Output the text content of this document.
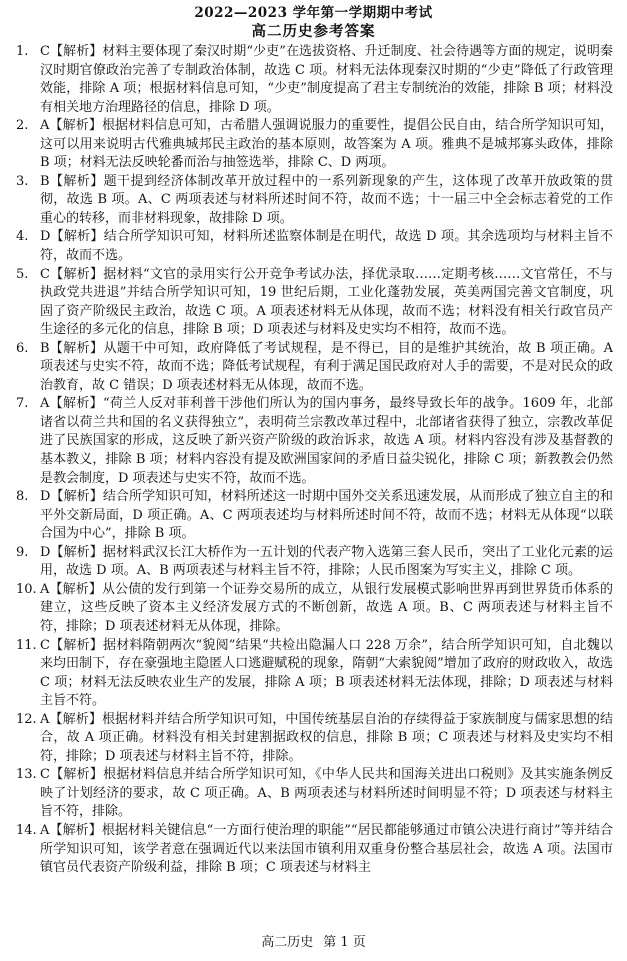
2022—2023 学年第一学期期中考试
高二历史参考答案
1. C【解析】材料主要体现了秦汉时期“少吏”在选拔资格、升迁制度、社会待遇等方面的规定，说明秦汉时期官僚政治完善了专制政治体制，故选 C 项。材料无法体现秦汉时期的“少吏”降低了行政管理效能，排除 A 项；根据材料信息可知，“少吏”制度提高了君主专制统治的效能，排除 B 项；材料没有相关地方治理路径的信息，排除 D 项。
2. A【解析】根据材料信息可知，古希腊人强调说服力的重要性，提倡公民自由，结合所学知识可知，这可以用来说明古代雅典城邦民主政治的基本原则，故答案为 A 项。雅典不是城邦寡头政体，排除 B 项；材料无法反映轮番而治与抽签选举，排除 C、D 两项。
3. B【解析】题干提到经济体制改革开放过程中的一系列新现象的产生，这体现了改革开放政策的贯彻，故选 B 项。A、C 两项表述与材料所述时间不符，故而不选；十一届三中全会标志着党的工作重心的转移，而非材料现象，故排除 D 项。
4. D【解析】结合所学知识可知，材料所述监察体制是在明代，故选 D 项。其余选项均与材料主旨不符，故而不选。
5. C【解析】据材料“文官的录用实行公开竞争考试办法，择优录取……定期考核……文官常任，不与执政党共进退”并结合所学知识可知，19 世纪后期，工业化蓬勃发展，英美两国完善文官制度，巩固了资产阶级民主政治，故选 C 项。A 项表述材料无从体现，故而不选；材料没有相关行政官员产生途径的多元化的信息，排除 B 项；D 项表述与材料及史实均不相符，故而不选。
6. B【解析】从题干中可知，政府降低了考试规程，是不得已，目的是维护其统治，故 B 项正确。A 项表述与史实不符，故而不选；降低考试规程，有利于满足国民政府对人手的需要，不是对民众的政治教育，故 C 错误；D 项表述材料无从体现，故而不选。
7. A【解析】“荷兰人反对菲利普干涉他们所认为的国内事务，最终导致长年的战争。1609 年，北部诸省以荷兰共和国的名义获得独立”，表明荷兰宗教改革过程中，北部诸省获得了独立，宗教改革促进了民族国家的形成，这反映了新兴资产阶级的政治诉求，故选 A 项。材料内容没有涉及基督教的基本教义，排除 B 项；材料内容没有提及欧洲国家间的矛盾日益尖锐化，排除 C 项；新教教会仍然是教会制度，D 项表述与史实不符，故而不选。
8. D【解析】结合所学知识可知，材料所述这一时期中国外交关系迅速发展，从而形成了独立自主的和平外交新局面，D 项正确。A、C 两项表述均与材料所述时间不符，故而不选；材料无从体现“以联合国为中心”，排除 B 项。
9. D【解析】据材料武汉长江大桥作为一五计划的代表产物入选第三套人民币，突出了工业化元素的运用，故选 D 项。A、B 两项表述与材料主旨不符，排除；人民币图案为写实主义，排除 C 项。
10. A【解析】从公债的发行到第一个证券交易所的成立，从银行发展模式影响世界再到世界货币体系的建立，这些反映了资本主义经济发展方式的不断创新，故选 A 项。B、C 两项表述与材料主旨不符，排除；D 项表述材料无从体现，排除。
11. C【解析】据材料隋朝两次“貌阅”结果“共检出隐漏人口 228 万余”，结合所学知识可知，自北魏以来均田制下，存在豪强地主隐匿人口逃避赋税的现象，隋朝“大索貌阅”增加了政府的财政收入，故选 C 项；材料无法反映农业生产的发展，排除 A 项；B 项表述材料无法体现，排除；D 项表述与材料主旨不符。
12. A【解析】根据材料并结合所学知识可知，中国传统基层自治的存续得益于家族制度与儒家思想的结合，故 A 项正确。材料没有相关封建割据政权的信息，排除 B 项；C 项表述与材料及史实均不相符，排除；D 项表述与材料主旨不符，排除。
13. C【解析】根据材料信息并结合所学知识可知，《中华人民共和国海关进出口税则》及其实施条例反映了计划经济的要求，故 C 项正确。A、B 两项表述与材料所述时间明显不符；D 项表述与材料主旨不符，排除。
14. A【解析】根据材料关键信息“一方面行使治理的职能”“居民都能够通过市镇公决进行商讨”等并结合所学知识可知，该学者意在强调近代以来法国市镇利用双重身份整合基层社会，故选 A 项。法国市镇官员代表资产阶级利益，排除 B 项；C 项表述与材料主
高二历史 第 1 页
